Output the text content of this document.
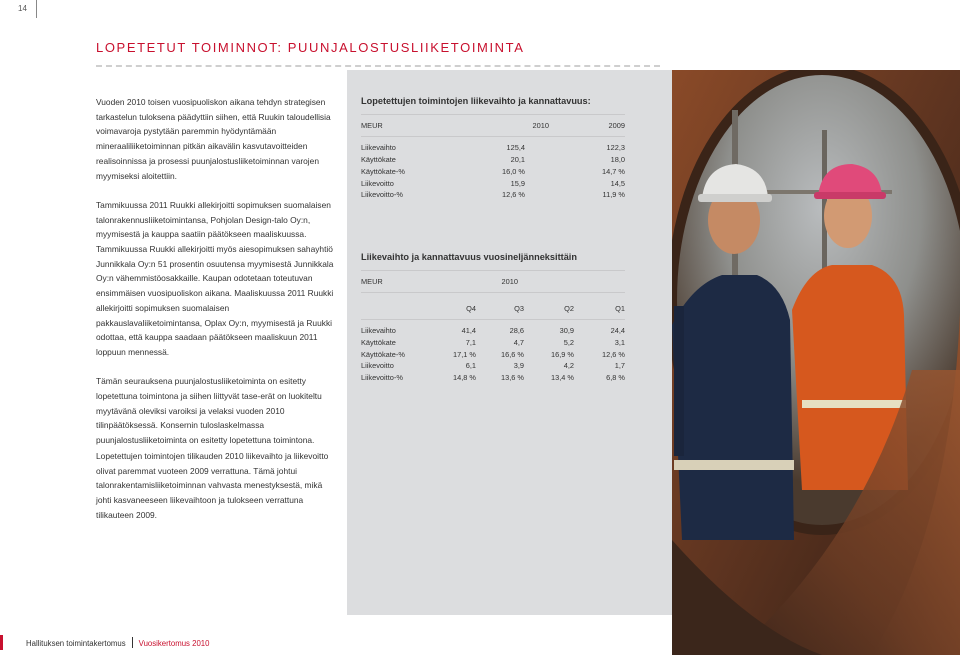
14
LOPETETUT TOIMINNOT: PUUNJALOSTUSLIIKETOIMINTA

Vuoden 2010 toisen vuosipuoliskon aikana tehdyn strategisen tarkastelun tuloksena päädyttiin siihen, että Ruukin taloudellisia voimavaroja pystytään paremmin hyödyntämään mineraaliliiketoiminnan pitkän aikavälin kasvutavoitteiden realisoinnissa ja prosessi puunjalostusliiketoiminnan varojen myymiseksi aloitettiin.

Tammikuussa 2011 Ruukki allekirjoitti sopimuksen suomalaisen talonrakennusliiketoimintansa, Pohjolan Design-talo Oy:n, myymisestä ja kauppa saatiin päätökseen maaliskuussa. Tammikuussa Ruukki allekirjoitti myös aiesopimuksen sahayhtiö Junnikkala Oy:n 51 prosentin osuutensa myymisestä Junnikkala Oy:n vähemmistöosakkaille. Kaupan odotetaan toteutuvan ensimmäisen vuosipuoliskon aikana. Maaliskuussa 2011 Ruukki allekirjoitti sopimuksen suomalaisen pakkauslavaliiketoimintansa, Oplax Oy:n, myymisestä ja Ruukki odottaa, että kauppa saadaan päätökseen maaliskuun 2011 loppuun mennessä.

Tämän seurauksena puunjalostusliiketoiminta on esitetty lopetettuna toimintona ja siihen liittyvät tase-erät on luokiteltu myytävänä oleviksi varoiksi ja velaksi vuoden 2010 tilinpäätöksessä. Konsernin tuloslaskelmassa puunjalostusliiketoiminta on esitetty lopetettuna toimintona.

Lopetettujen toimintojen tilikauden 2010 liikevaihto ja liikevoitto olivat paremmat vuoteen 2009 verrattuna. Tämä johtui talonrakentamisliiketoiminnan vahvasta menestyksestä, mikä johti kasvaneeseen liikevaihtoon ja tulokseen verrattuna tilikauteen 2009.

Lopetettujen toimintojen liikevaihto ja kannattavuus:
MEUR	2010	2009
Liikevaihto	125,4	122,3
Käyttökate	20,1	18,0
Käyttökate-%	16,0 %	14,7 %
Liikevoitto	15,9	14,5
Liikevoitto-%	12,6 %	11,9 %
Liikevaihto ja kannattavuus vuosineljänneksittäin
MEUR	2010
	Q4	Q3	Q2	Q1
Liikevaihto	41,4	28,6	30,9	24,4
Käyttökate	7,1	4,7	5,2	3,1
Käyttökate-%	17,1 %	16,6 %	16,9 %	12,6 %
Liikevoitto	6,1	3,9	4,2	1,7
Liikevoitto-%	14,8 %	13,6 %	13,4 %	6,8 %
Hallituksen toimintakertomus Vuosikertomus 2010
